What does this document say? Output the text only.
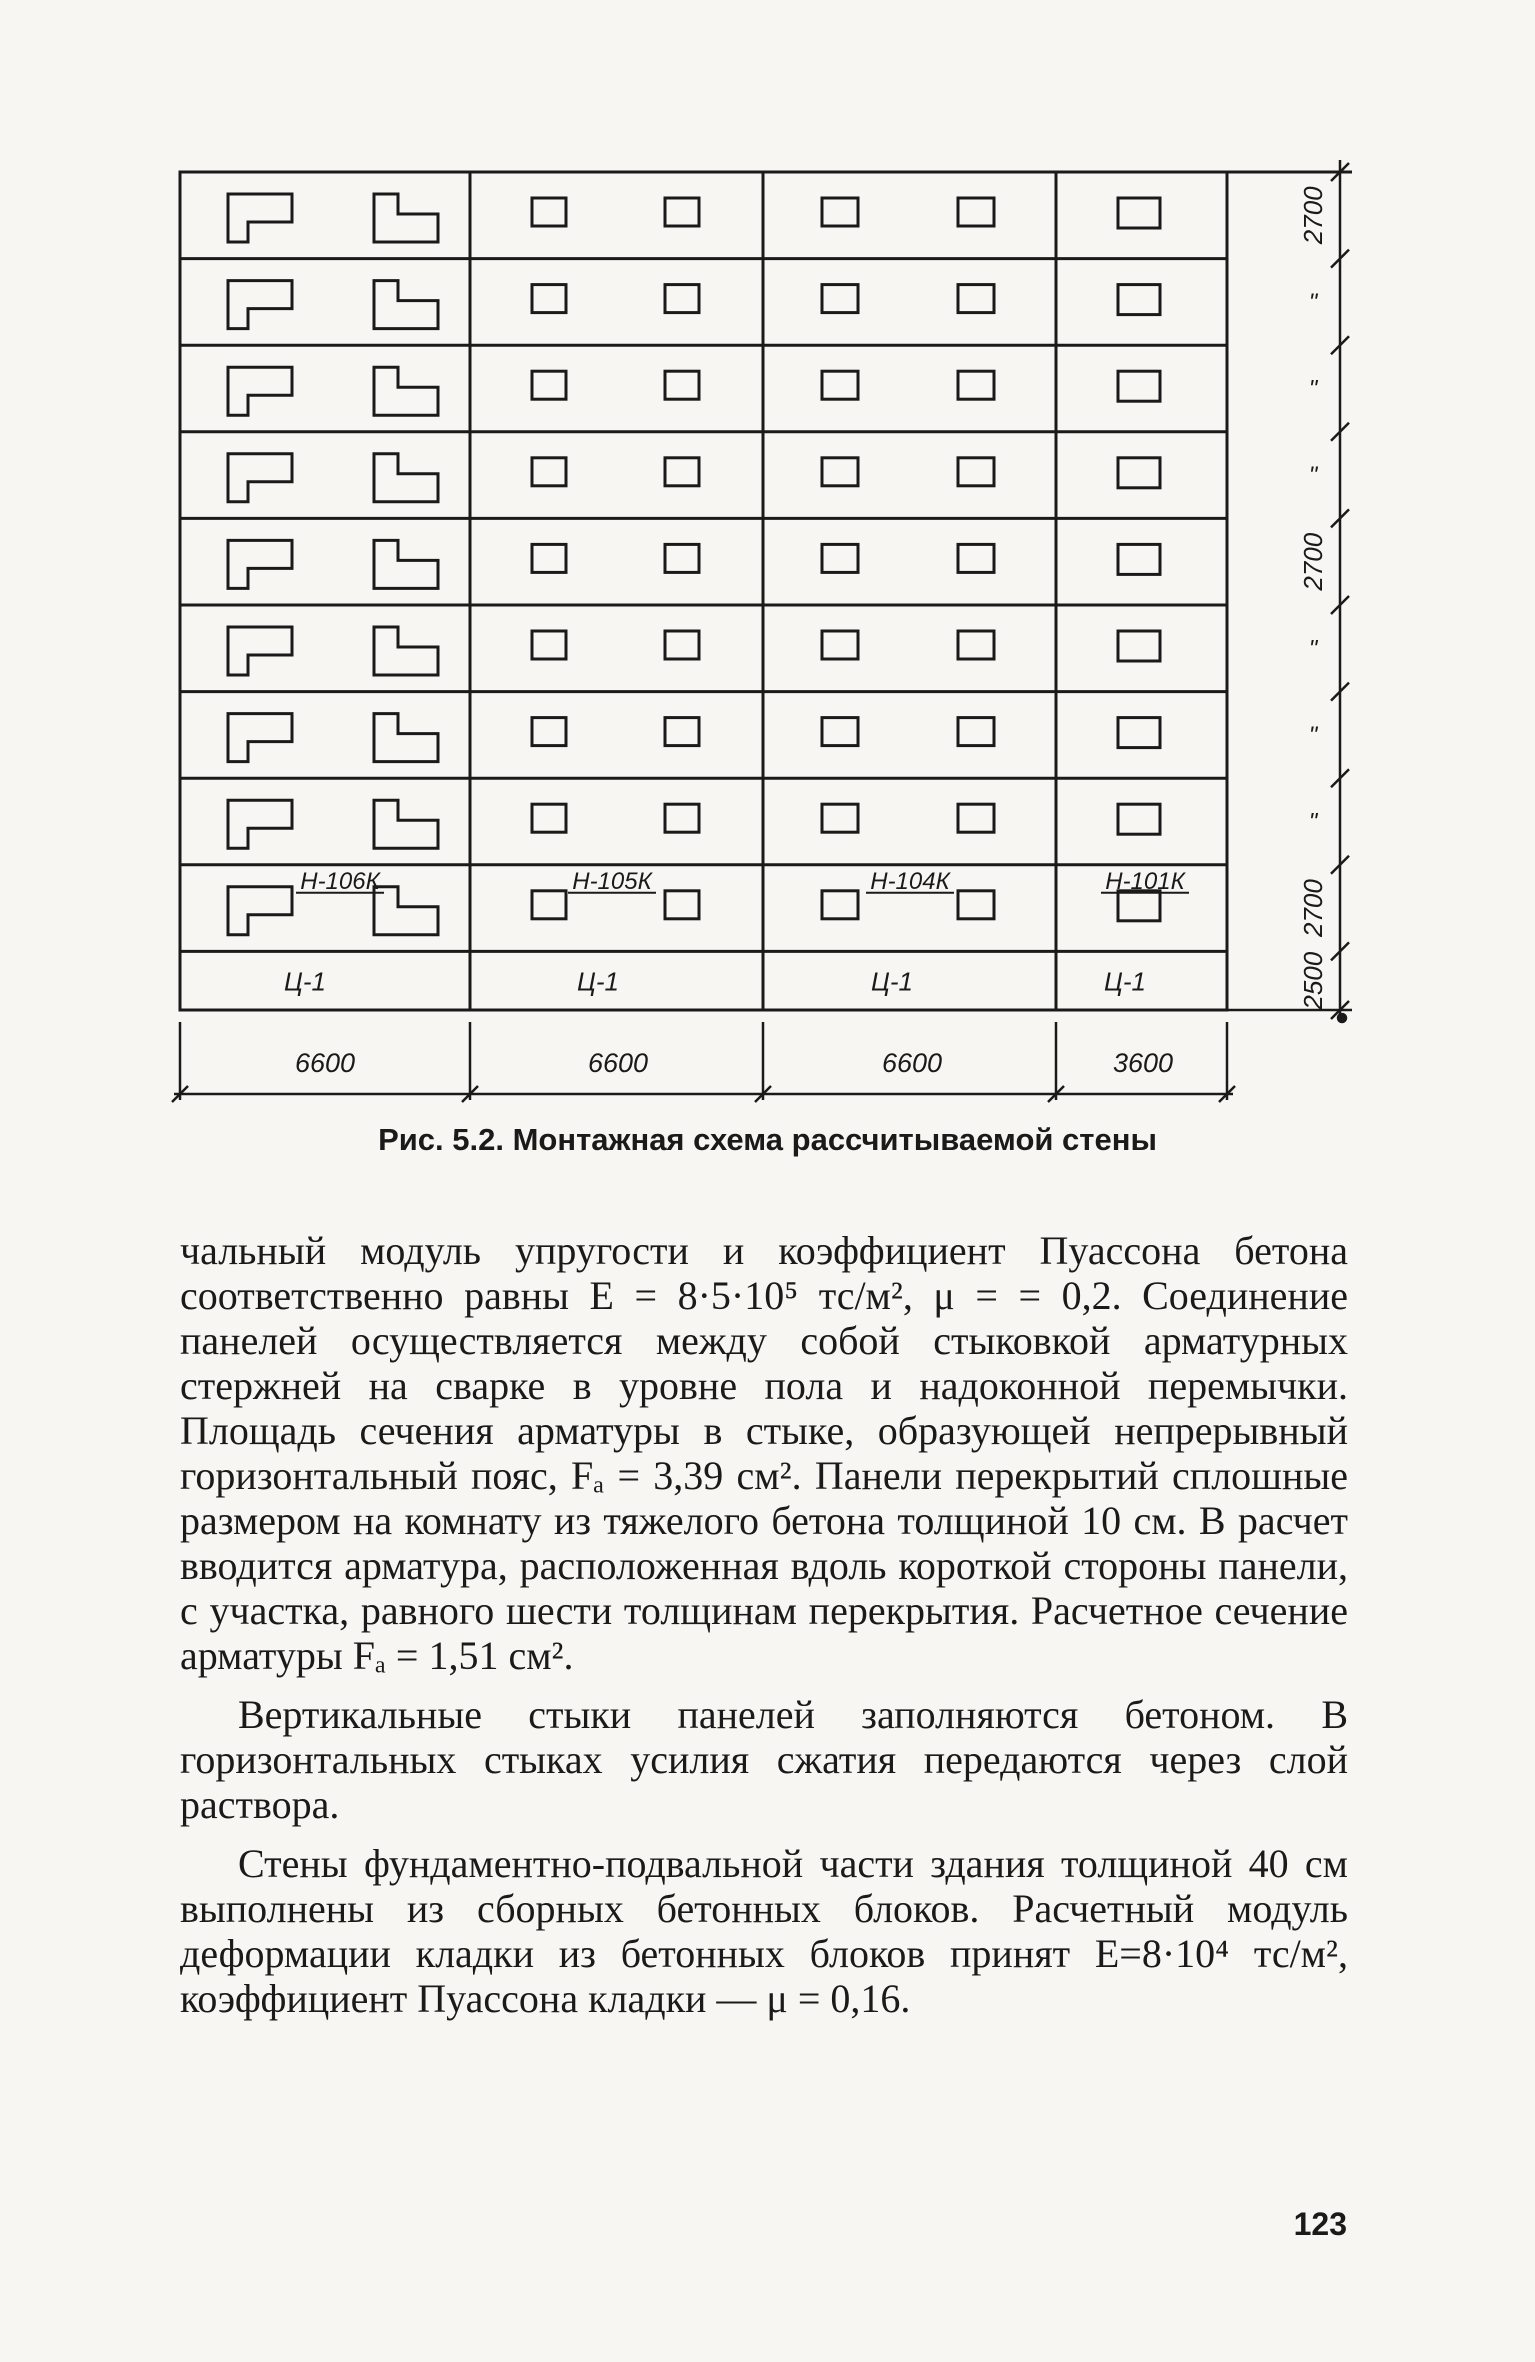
2700
"
"
"
2700
"
"
"
2700
2500
Н-106К	Н-105К	Н-104К	Н-101К
Ц-1	Ц-1	Ц-1	Ц-1
6600	6600	6600	3600

Рис. 5.2. Монтажная схема рассчитываемой стены

чальный модуль упругости и коэффициент Пуассона бетона соответственно равны E = 8·5·10⁵ тс/м², μ = = 0,2. Соединение панелей осуществляется между собой стыковкой арматурных стержней на сварке в уровне пола и надоконной перемычки. Площадь сечения арматуры в стыке, образующей непрерывный горизонтальный пояс, Fₐ = 3,39 см². Панели перекрытий сплошные размером на комнату из тяжелого бетона толщиной 10 см. В расчет вводится арматура, расположенная вдоль короткой стороны панели, с участка, равного шести толщинам перекрытия. Расчетное сечение арматуры Fₐ = 1,51 см².

Вертикальные стыки панелей заполняются бетоном. В горизонтальных стыках усилия сжатия передаются через слой раствора.

Стены фундаментно-подвальной части здания толщиной 40 см выполнены из сборных бетонных блоков. Расчетный модуль деформации кладки из бетонных блоков принят E=8·10⁴ тс/м², коэффициент Пуассона кладки — μ = 0,16.

123
